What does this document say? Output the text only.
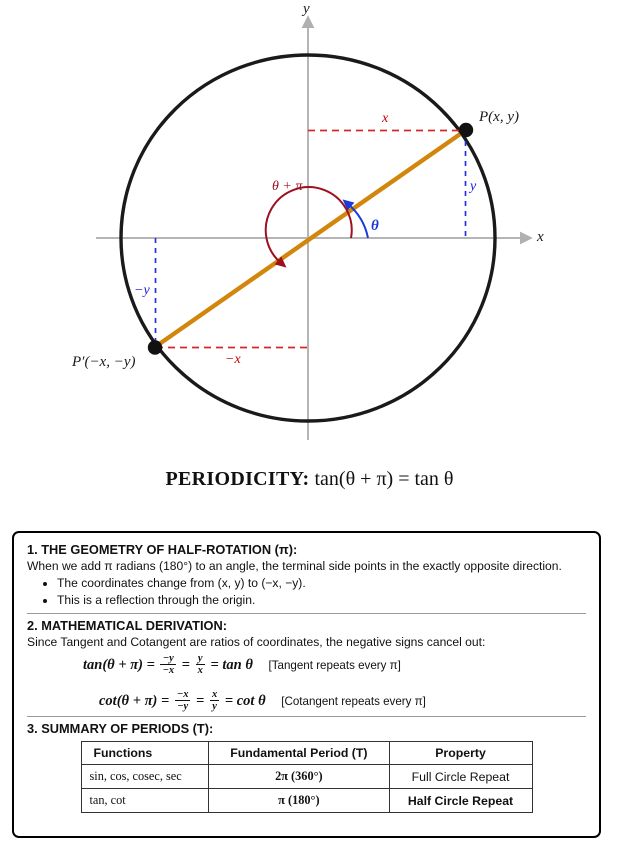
x
y
P(x, y)
P′(−x, −y)
x
−x
y
−y
θ
θ + π
PERIODICITY: tan(θ + π) = tan θ
1. THE GEOMETRY OF HALF-ROTATION (π):

When we add π radians (180°) to an angle, the terminal side points in the exactly opposite direction.

• The coordinates change from (x, y) to (−x, −y).
• This is a reflection through the origin.
2. MATHEMATICAL DERIVATION:

Since Tangent and Cotangent are ratios of coordinates, the negative signs cancel out:

$\tan(\theta + \pi) = \frac{-y}{-x} = \frac{y}{x} = \tan \theta$ [Tangent repeats every π]
$\cot(\theta + \pi) = \frac{-x}{-y} = \frac{x}{y} = \cot \theta$ [Cotangent repeats every π]
3. SUMMARY OF PERIODS (T):
Functions	Fundamental Period (T)	Property
sin, cos, cosec, sec	2π (360°)	Full Circle Repeat
tan, cot	π (180°)	Half Circle Repeat
